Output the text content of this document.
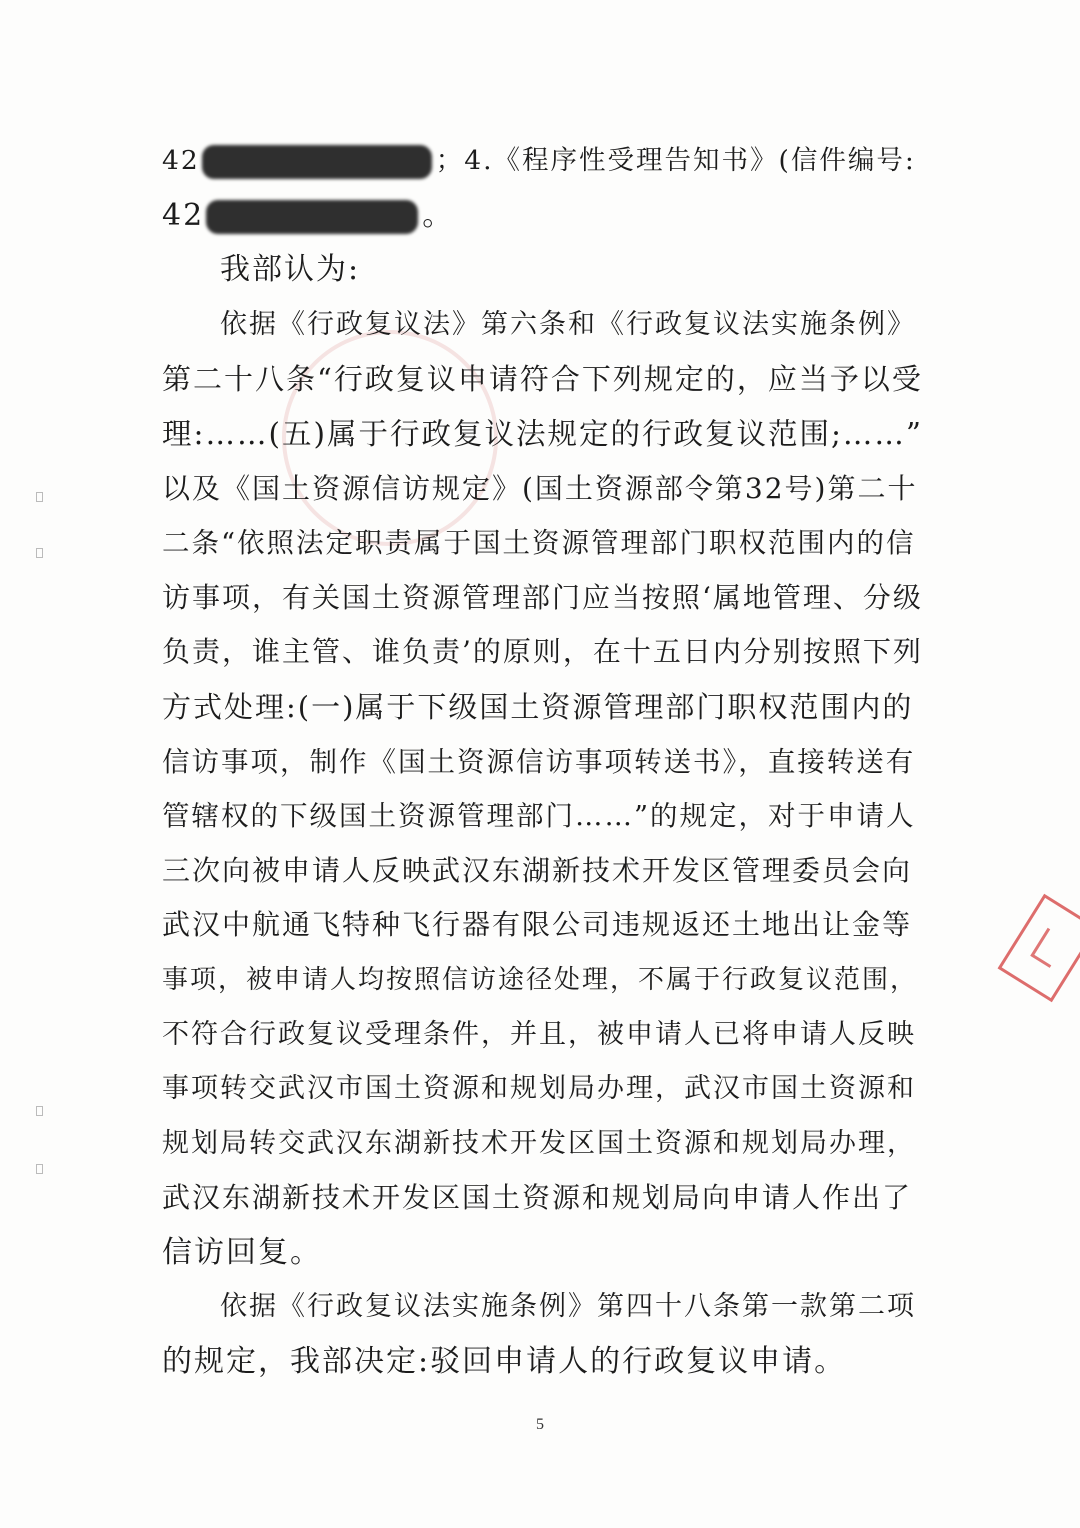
42	；4.《程序性受理告知书》(信件编号:
42	。
我部认为:
依据《行政复议法》第六条和《行政复议法实施条例》
第二十八条“行政复议申请符合下列规定的，应当予以受
理:……(五)属于行政复议法规定的行政复议范围;……”
以及《国土资源信访规定》(国土资源部令第32号)第二十
二条“依照法定职责属于国土资源管理部门职权范围内的信
访事项，有关国土资源管理部门应当按照‘属地管理、分级
负责，谁主管、谁负责’的原则，在十五日内分别按照下列
方式处理:(一)属于下级国土资源管理部门职权范围内的
信访事项，制作《国土资源信访事项转送书》，直接转送有
管辖权的下级国土资源管理部门……”的规定，对于申请人
三次向被申请人反映武汉东湖新技术开发区管理委员会向
武汉中航通飞特种飞行器有限公司违规返还土地出让金等
事项，被申请人均按照信访途径处理，不属于行政复议范围，
不符合行政复议受理条件，并且，被申请人已将申请人反映
事项转交武汉市国土资源和规划局办理，武汉市国土资源和
规划局转交武汉东湖新技术开发区国土资源和规划局办理，
武汉东湖新技术开发区国土资源和规划局向申请人作出了
信访回复。
依据《行政复议法实施条例》第四十八条第一款第二项
的规定，我部决定:驳回申请人的行政复议申请。
5
